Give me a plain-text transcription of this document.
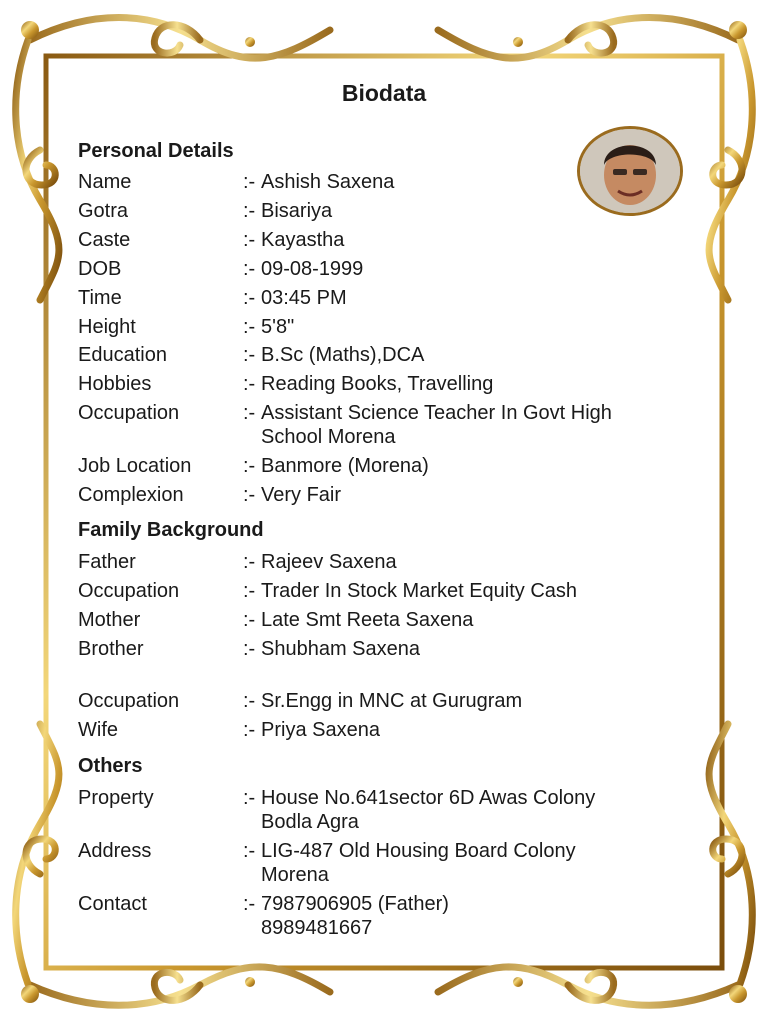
Biodata
Personal Details
Name	:- Ashish Saxena
Gotra	:- Bisariya
Caste	:- Kayastha
DOB	:- 09-08-1999
Time	:- 03:45 PM
Height	:- 5'8"
Education	:- B.Sc (Maths),DCA
Hobbies	:- Reading Books, Travelling
Occupation	:- Assistant Science Teacher In Govt High
School Morena
Job Location	:- Banmore (Morena)
Complexion	:- Very Fair
Family Background
Father	:- Rajeev Saxena
Occupation	:- Trader In Stock Market Equity Cash
Mother	:- Late Smt Reeta Saxena
Brother	:- Shubham Saxena
Occupation	:- Sr.Engg in MNC at Gurugram
Wife	:- Priya Saxena
Others
Property	:- House No.641sector 6D Awas Colony
Bodla Agra
Address	:- LIG-487 Old Housing Board Colony
Morena
Contact	:- 7987906905 (Father)
8989481667
